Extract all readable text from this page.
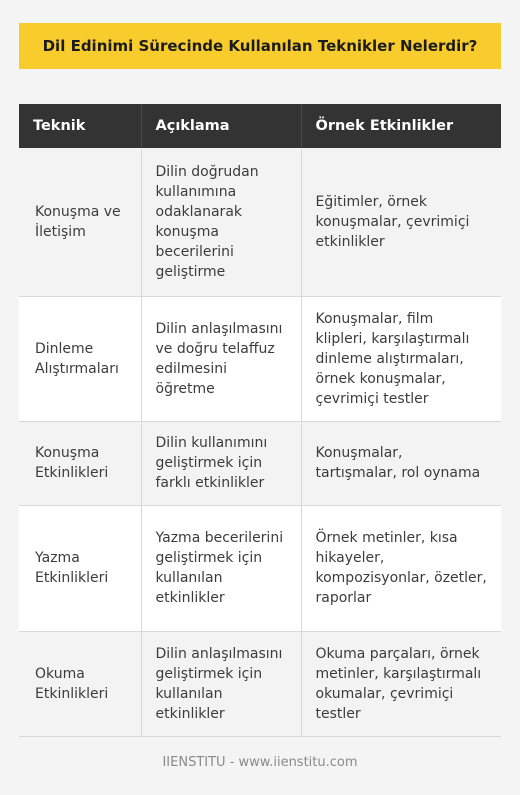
Dil Edinimi Sürecinde Kullanılan Teknikler Nelerdir?
Teknik	Açıklama	Örnek Etkinlikler
Konuşma ve İletişim	Dilin doğrudan kullanımına odaklanarak konuşma becerilerini geliştirme	Eğitimler, örnek konuşmalar, çevrimiçi etkinlikler
Dinleme Alıştırmaları	Dilin anlaşılmasını ve doğru telaffuz edilmesini öğretme	Konuşmalar, film klipleri, karşılaştırmalı dinleme alıştırmaları, örnek konuşmalar, çevrimiçi testler
Konuşma Etkinlikleri	Dilin kullanımını geliştirmek için farklı etkinlikler	Konuşmalar, tartışmalar, rol oynama
Yazma Etkinlikleri	Yazma becerilerini geliştirmek için kullanılan etkinlikler	Örnek metinler, kısa hikayeler, kompozisyonlar, özetler, raporlar
Okuma Etkinlikleri	Dilin anlaşılmasını geliştirmek için kullanılan etkinlikler	Okuma parçaları, örnek metinler, karşılaştırmalı okumalar, çevrimiçi testler
IIENSTITU - www.iienstitu.com
